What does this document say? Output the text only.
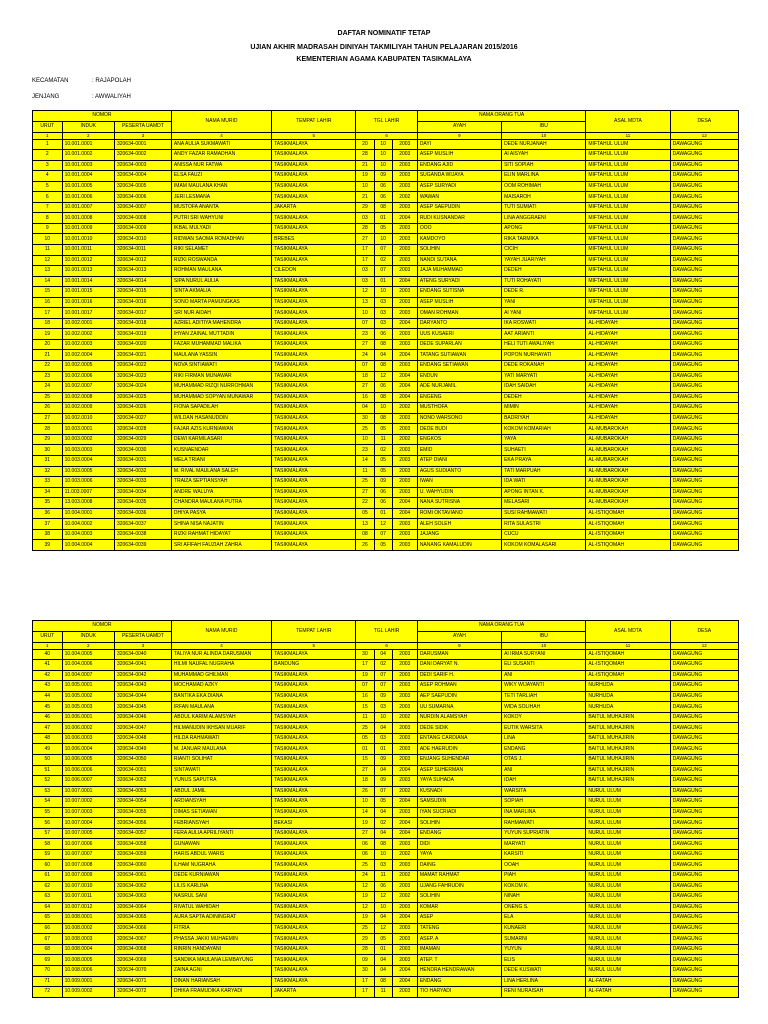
DAFTAR NOMINATIF TETAP
UJIAN AKHIR MADRASAH DINIYAH TAKMILIYAH TAHUN PELAJARAN 2015/2016
KEMENTERIAN AGAMA KABUPATEN TASIKMALAYA
KECAMATAN	: RAJAPOLAH
JENJANG	: AWWALIYAH
NOMOR			NAMA MURID	TEMPAT LAHIR	TGL LAHIR			NAMA ORANG TUA		ASAL MDTA	DESA
URUT	INDUK	PESERTA UAMDT						AYAH	IBU		

1	2	3	4	5	6			9	10	11	12
1	10.001.0001	320634-0001	ANA AULIA SUKMAWATI	TASIKMALAYA	20	10	2003	DAYI	DEDE NURJANAH	MIFTAHUL ULUM	DAWAGUNG
2	10.001.0002	320634-0002	ANDY FAZAR RAMADHAN	TASIKMALAYA	28	10	2003	ASEP MUSLIH	AI AISYAH	MIFTAHUL ULUM	DAWAGUNG
3	10.001.0003	320634-0003	ANISSA NUR FATWA	TASIKMALAYA	21	10	2003	ENDANG AJID	SITI SOPIAH	MIFTAHUL ULUM	DAWAGUNG
4	10.001.0004	320634-0004	ELSA FAUZI	TASIKMALAYA	19	09	2003	SUGANDA WIJAYA	ELIN MARLINA	MIFTAHUL ULUM	DAWAGUNG
5	10.001.0005	320634-0005	IMAM MAULANA KHAN	TASIKMALAYA	10	06	2003	ASEP SURYADI	OOM ROHIMAH	MIFTAHUL ULUM	DAWAGUNG
6	10.001.0006	320634-0006	JERI LESMANA	TASIKMALAYA	21	06	2002	WAWAN	MAISAROH	MIFTAHUL ULUM	DAWAGUNG
7	10.001.0007	320634-0007	MUSTOFA ANANTA	JAKARTA	29	08	2003	ASEP SAEPUDIN	TUTI SUMIATI	MIFTAHUL ULUM	DAWAGUNG
8	10.001.0008	320634-0008	PUTRI SRI WAHYUNI	TASIKMALAYA	03	01	2004	RUDI KUSNANDAR	LINA ANGGRAENI	MIFTAHUL ULUM	DAWAGUNG
9	10.001.0009	320634-0009	IKBAL MULYADI	TASIKMALAYA	28	05	2003	OOO	APONG	MIFTAHUL ULUM	DAWAGUNG
10	10.001.0010	320634-0010	RIDWAN SAOMA ROMADHAN	BREBES	27	10	2003	KAMDOYO	RIKA TARMIKA	MIFTAHUL ULUM	DAWAGUNG
11	10.001.0011	320634-0011	RIKI SELAMET	TASIKMALAYA	17	07	2003	SOLIHIN	CICIH	MIFTAHUL ULUM	DAWAGUNG
12	10.001.0012	320634-0012	RIZKI ROSWANDA	TASIKMALAYA	17	02	2003	NANDI SUTANA	YAYAH JUARIYAH	MIFTAHUL ULUM	DAWAGUNG
13	10.001.0013	320634-0013	ROHMAN MAULANA	CILEDON	03	07	2003	JAJA MUHAMMAD	DEDEH	MIFTAHUL ULUM	DAWAGUNG
14	10.001.0014	320634-0014	SIPA NURUL AULIA	TASIKMALAYA	03	01	2004	ATENG SURYADI	TUTI ROHAYATI	MIFTAHUL ULUM	DAWAGUNG
15	10.001.0015	320634-0015	SINTA AKMALIA	TASIKMALAYA	12	10	2003	ENDANG SUTISNA	DEDE R.	MIFTAHUL ULUM	DAWAGUNG
16	10.001.0016	320634-0016	SONO MARTA PAMUNGKAS	TASIKMALAYA	13	03	2003	ASEP MUSLIH	YANI	MIFTAHUL ULUM	DAWAGUNG
17	10.001.0017	320634-0017	SRI NUR AIDAH	TASIKMALAYA	10	03	2003	OMAN ROHMAN	AI YANI	MIFTAHUL ULUM	DAWAGUNG
18	10.002.0001	320634-0018	AZRIEL ADITIYA MAHENDRA	TASIKMALAYA	07	03	2004	DARYANTO	IKA ROSWATI	AL-HIDAYAH	DAWAGUNG
19	10.002.0002	320634-0019	IHYAN ZAINAL MUTTADIN	TASIKMALAYA	23	06	2003	UUS KUSAERI	AAT ARIANTI	AL-HIDAYAH	DAWAGUNG
20	10.002.0003	320634-0020	FAZAR MUHAMMAD MALIKA	TASIKMALAYA	27	08	2003	DEDE SUPARLAN	HELI TUTI AWALIYAH	AL-HIDAYAH	DAWAGUNG
21	10.002.0004	320634-0021	MAULANA YASSIN	TASIKMALAYA	24	04	2004	TATANG SUTIAWAN	POPON NURHAYATI	AL-HIDAYAH	DAWAGUNG
22	10.002.0005	320634-0022	NOVA SINTIAWATI	TASIKMALAYA	07	08	2003	ENDANG SETIAWAN	DEDE ROKANAH	AL-HIDAYAH	DAWAGUNG
23	10.002.0006	320634-0023	RIKI FIRMAN MUNAWAR	TASIKMALAYA	18	12	2004	ENDUN	YATI MARYATI	AL-HIDAYAH	DAWAGUNG
24	10.002.0007	320634-0024	MUHAMMAD RIZQI NURROHMAN	TASIKMALAYA	27	06	2004	ADE NURJAMIL	IDAH SAIDAH	AL-HIDAYAH	DAWAGUNG
25	10.002.0008	320634-0025	MUHAMMAD SOPYAN MUNAWAR	TASIKMALAYA	16	08	2004	ENGENG	DEDEH	AL-HIDAYAH	DAWAGUNG
26	10.002.0009	320634-0026	FIONA SAPADILAH	TASIKMALAYA	04	10	2002	MUSTHOFA	MIMIN	AL-HIDAYAH	DAWAGUNG
27	10.002.0010	320634-0027	WILDAN HASANUDDIN	TASIKMALAYA	30	08	2003	NONO WARSONO	BADRIYAH	AL-HIDAYAH	DAWAGUNG
28	10.003.0001	320634-0028	FAJAR AZIS KURNIAWAN	TASIKMALAYA	25	05	2003	DEDE BUDI	KOKOM KOMARIAH	AL-MUBAROKAH	DAWAGUNG
29	10.003.0002	320634-0029	DEWI KARMILASARI	TASIKMALAYA	10	11	2002	ENGKOS	YAYA	AL-MUBAROKAH	DAWAGUNG
30	10.003.0003	320634-0030	KUSNAENDAR	TASIKMALAYA	23	02	2003	EMID	SUHAETI	AL-MUBAROKAH	DAWAGUNG
31	10.003.0004	320634-0031	MELA TRIANI	TASIKMALAYA	14	05	2003	ATEP DIANI	EKA PRAYA	AL-MUBAROKAH	DAWAGUNG
32	10.003.0005	320634-0032	M. RIVAL MAULANA SALEH	TASIKMALAYA	11	05	2003	AGUS SUDIANTO	TATI MARPUAH	AL-MUBAROKAH	DAWAGUNG
33	10.003.0006	320634-0033	TRAIZA SEPTIANSYAH	TASIKMALAYA	25	09	2003	IWAN	IDA WATI	AL-MUBAROKAH	DAWAGUNG
34	11.003.0007	320634-0034	ANDRE WALUYA	TASIKMALAYA	27	06	2003	U. WAHYUDIN	APONG INTAN K.	AL-MUBAROKAH	DAWAGUNG
35	13.003.0008	320634-0035	CHANDRA MAULANA PUTRA	TASIKMALAYA	22	06	2004	NANA SUTRISNA	MELASARI	AL-MUBAROKAH	DAWAGUNG
36	10.004.0001	320634-0036	DHIYA PASYA	TASIKMALAYA	05	01	2004	ROMI OKTAVIANO	SUSI RAHMAWATI	AL-ISTIQOMAH	DAWAGUNG
37	10.004.0002	320634-0037	SHINA NISA NAJATIN	TASIKMALAYA	13	12	2003	ALEH SOLEH	RITA SULASTRI	AL-ISTIQOMAH	DAWAGUNG
38	10.004.0003	320634-0038	RIZKI RAHMAT HIDAYAT	TASIKMALAYA	08	07	2003	JAJANG	CUCU	AL-ISTIQOMAH	DAWAGUNG
39	10.004.0004	320634-0039	SRI AFIFAH FAUZIAH ZAHRA	TASIKMALAYA	26	05	2003	NANANG KAMALUDIN	KOKOM KOMALASARI	AL-ISTIQOMAH	DAWAGUNG
NOMOR			NAMA MURID	TEMPAT LAHIR	TGL LAHIR			NAMA ORANG TUA		ASAL MDTA	DESA
URUT	INDUK	PESERTA UAMDT						AYAH	IBU		

1	2	3	4	5	6			9	10	11	12
40	10.004.0005	320634-0040	TALIYA NUR ALINDA DARUSMAN	TASIKMALAYA	30	04	2003	DARUSMAN	AI IRMA SURYANI	AL-ISTIQOMAH	DAWAGUNG
41	10.004.0006	320634-0041	HILMI NAUFAL NUGRAHA	BANDUNG	17	02	2003	DANI DARYAT N.	ELI SUSANTI	AL-ISTIQOMAH	DAWAGUNG
42	10.004.0007	320634-0042	MUHAMMAD GHILMAN	TASIKMALAYA	19	07	2003	DEDI SARIF H.	ANI	AL-ISTIQOMAH	DAWAGUNG
43	10.005.0001	320634-0043	MOCHAMAD AZKY	TASIKMALAYA	07	07	2003	ASEP ROHMAN	WIKY WIJAYANTI	NURHUDA	DAWAGUNG
44	10.005.0002	320634-0044	BANTIKA EKA DIANA	TASIKMALAYA	16	09	2003	AEP SAEPUDIN	TETI TARLIAH	NURHUDA	DAWAGUNG
45	10.005.0003	320634-0045	IRFAN MAULANA	TASIKMALAYA	15	03	2003	UU SUMARNA	WIDA SOLIHAH	NURHUDA	DAWAGUNG
46	10.006.0001	320634-0046	ABDUL KARIM ALAMSYAH	TASIKMALAYA	11	10	2002	NURDIN ALAMSYAH	KOKOY	BAITUL MUHAJIRIN	DAWAGUNG
47	10.006.0002	320634-0047	HILMANUDIN IKHSAN MUARIF	TASIKMALAYA	25	04	2003	DEDE SIDIK	EUTIK WARSITA	BAITUL MUHAJIRIN	DAWAGUNG
48	10.006.0003	320634-0048	HILDA RAHMAWATI	TASIKMALAYA	05	03	2003	ENTANG CARDIANA	LINA	BAITUL MUHAJIRIN	DAWAGUNG
49	10.006.0004	320634-0049	M. JANUAR MAULANA	TASIKMALAYA	01	01	2003	ADE HAERUDIN	ENDANG	BAITUL MUHAJIRIN	DAWAGUNG
50	10.006.0005	320634-0050	RIANTI SOLIHAT	TASIKMALAYA	15	09	2003	ENJANG SUHENDAR	OTAS J.	BAITUL MUHAJIRIN	DAWAGUNG
51	10.006.0006	320634-0051	SINTAWATI	TASIKMALAYA	27	04	2004	ASEP SUHERMAN	ANI	BAITUL MUHAJIRIN	DAWAGUNG
52	10.006.0007	320634-0052	YUNUS SAPUTRA	TASIKMALAYA	18	09	2003	YAYA SUHADA	IDAH	BAITUL MUHAJIRIN	DAWAGUNG
53	10.007.0001	320634-0053	ABDUL JAMIL	TASIKMALAYA	26	07	2002	KUSNADI	WARSITA	NURUL ULUM	DAWAGUNG
54	10.007.0002	320634-0054	ARDIANSYAH	TASIKMALAYA	10	05	2004	SAMSUDIN	SOPIAH	NURUL ULUM	DAWAGUNG
55	10.007.0003	320634-0055	DIMAS SETIAWAN	TASIKMALAYA	14	04	2003	IYAN SUCRIADI	INA MARLINA	NURUL ULUM	DAWAGUNG
56	10.007.0004	320634-0056	FEBRIANSYAH	BEKASI	19	02	2004	SOLIHIN	RAHMAWATI	NURUL ULUM	DAWAGUNG
57	10.007.0005	320634-0057	FERA AULIA APRILIYANTI	TASIKMALAYA	27	04	2004	ENDANG	YUYUN SUPRIATIN	NURUL ULUM	DAWAGUNG
58	10.007.0006	320634-0058	GUNAWAN	TASIKMALAYA	06	08	2003	DIDI	MARYATI	NURUL ULUM	DAWAGUNG
59	10.007.0007	320634-0059	HARIS ABDUL WARIS	TASIKMALAYA	06	10	2002	YAYA	KARSITI	NURUL ULUM	DAWAGUNG
60	10.007.0008	320634-0060	ILHAM NUGRAHA	TASIKMALAYA	25	03	2003	DAING	OOAH	NURUL ULUM	DAWAGUNG
61	10.007.0009	320634-0061	DEDE KURNIAWAN	TASIKMALAYA	24	11	2002	MAMAT RAHMAT	PIAH	NURUL ULUM	DAWAGUNG
62	10.007.0010	320634-0062	LILIS KARLINA	TASIKMALAYA	12	06	2003	UJANG FAHRUDIN	KOKOM K.	NURUL ULUM	DAWAGUNG
63	10.007.0011	320634-0063	NASRUL SANI	TASIKMALAYA	19	12	2002	SOLIHIN	NINAH	NURUL ULUM	DAWAGUNG
64	10.007.0012	320634-0064	RIVATUL WAHIDAH	TASIKMALAYA	12	10	2003	KOMAR	ONENG S.	NURUL ULUM	DAWAGUNG
65	10.008.0001	320634-0065	AURA SAPTA ADININGRAT	TASIKMALAYA	19	04	2004	ASEP	ELA	NURUL ULUM	DAWAGUNG
66	10.008.0002	320634-0066	FITRIA	TASIKMALAYA	25	12	2003	TATENG	KUNAERI	NURUL ULUM	DAWAGUNG
67	10.008.0003	320634-0067	PHASSA JAKKI MUHAEMIN	TASIKMALAYA	29	05	2003	ASEP. A	SUMARNI	NURUL ULUM	DAWAGUNG
68	10.008.0004	320634-0068	RINRIN HANDAYANI	TASIKMALAYA	28	01	2003	IMAMAN	YUYUN	NURUL ULUM	DAWAGUNG
69	10.008.0005	320634-0069	SANDIKA MAULANA LEMBAYUNG	TASIKMALAYA	09	04	2003	ATEP. T	ELIS	NURUL ULUM	DAWAGUNG
70	10.008.0006	320634-0070	ZAINA AGNI	TASIKMALAYA	30	04	2004	HENDRA HENDRAWAN	DEDE KUSWATI	NURUL ULUM	DAWAGUNG
71	10.009.0001	320634-0071	DINAN HARIANSAH	TASIKMALAYA	17	08	2004	ENDANG	LINA HERLINA	AL-FATAH	DAWAGUNG
72	10.009.0002	320634-0072	DHIKA FRAMUDIKA KARYADI	JAKARTA	17	11	2003	TIO HARYADI	RENI NURAISAH	AL-FATAH	DAWAGUNG
